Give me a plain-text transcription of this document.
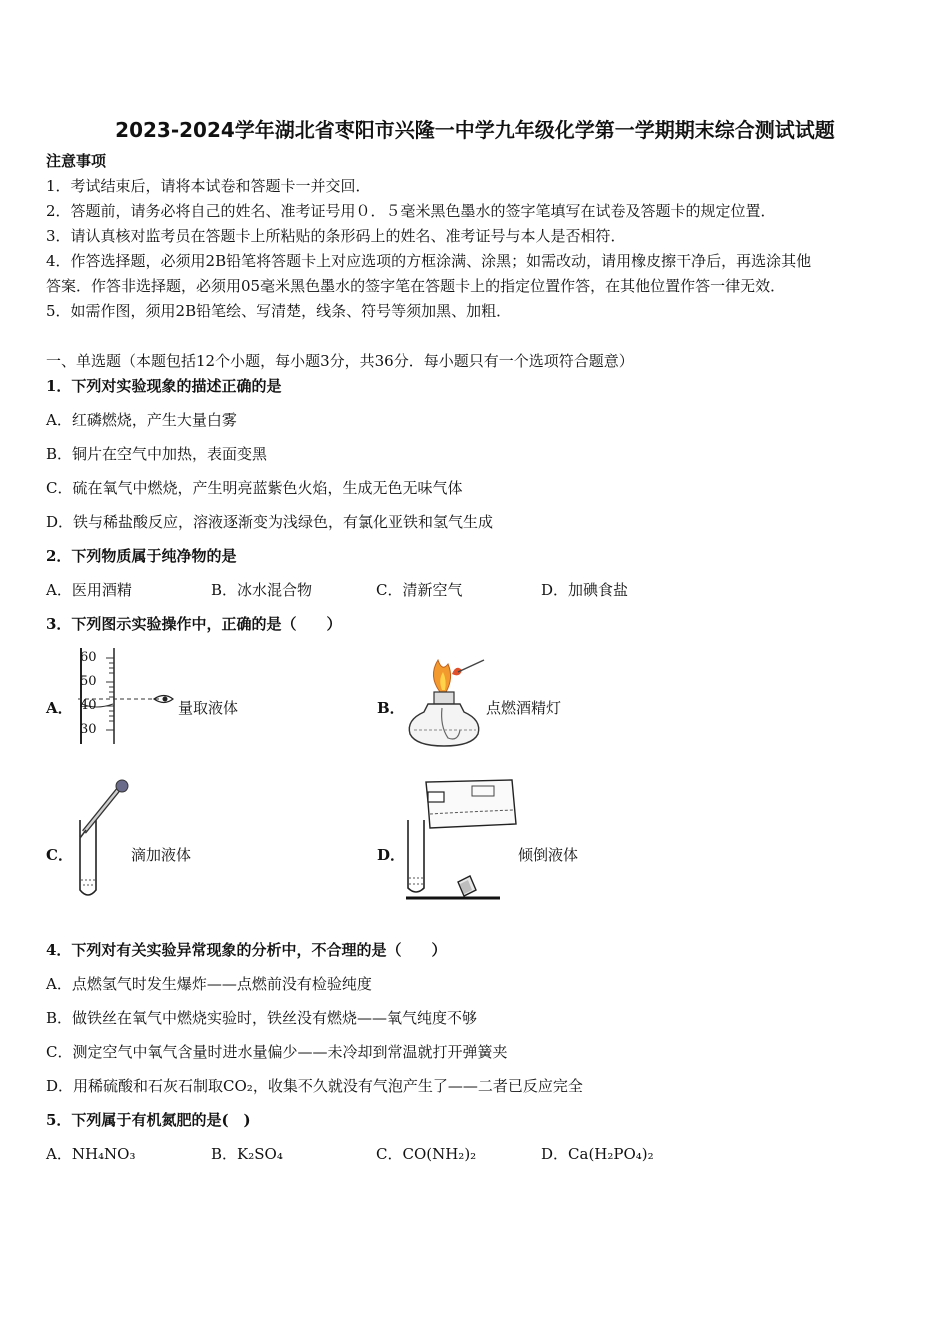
2023-2024学年湖北省枣阳市兴隆一中学九年级化学第一学期期末综合测试试题
注意事项
1．考试结束后，请将本试卷和答题卡一并交回．
2．答题前，请务必将自己的姓名、准考证号用０．５毫米黑色墨水的签字笔填写在试卷及答题卡的规定位置．
3．请认真核对监考员在答题卡上所粘贴的条形码上的姓名、准考证号与本人是否相符．
4．作答选择题，必须用2B铅笔将答题卡上对应选项的方框涂满、涂黑；如需改动，请用橡皮擦干净后，再选涂其他
答案．作答非选择题，必须用05毫米黑色墨水的签字笔在答题卡上的指定位置作答，在其他位置作答一律无效．
5．如需作图，须用2B铅笔绘、写清楚，线条、符号等须加黑、加粗．
一、单选题（本题包括12个小题，每小题3分，共36分．每小题只有一个选项符合题意）
1．下列对实验现象的描述正确的是
A．红磷燃烧，产生大量白雾
B．铜片在空气中加热，表面变黑
C．硫在氧气中燃烧，产生明亮蓝紫色火焰，生成无色无味气体
D．铁与稀盐酸反应，溶液逐渐变为浅绿色，有氯化亚铁和氢气生成
2．下列物质属于纯净物的是
A．医用酒精	B．冰水混合物	C．清新空气	D．加碘食盐
3．下列图示实验操作中，正确的是（　　）
A．
60
50
40
30
量取液体	B．	点燃酒精灯
C．	滴加液体	D．	倾倒液体
4．下列对有关实验异常现象的分析中，不合理的是（　　）
A．点燃氢气时发生爆炸——点燃前没有检验纯度
B．做铁丝在氧气中燃烧实验时，铁丝没有燃烧——氧气纯度不够
C．测定空气中氧气含量时进水量偏少——未冷却到常温就打开弹簧夹
D．用稀硫酸和石灰石制取CO₂，收集不久就没有气泡产生了——二者已反应完全
5．下列属于有机氮肥的是(　)
A．NH₄NO₃	B．K₂SO₄	C．CO(NH₂)₂	D．Ca(H₂PO₄)₂
